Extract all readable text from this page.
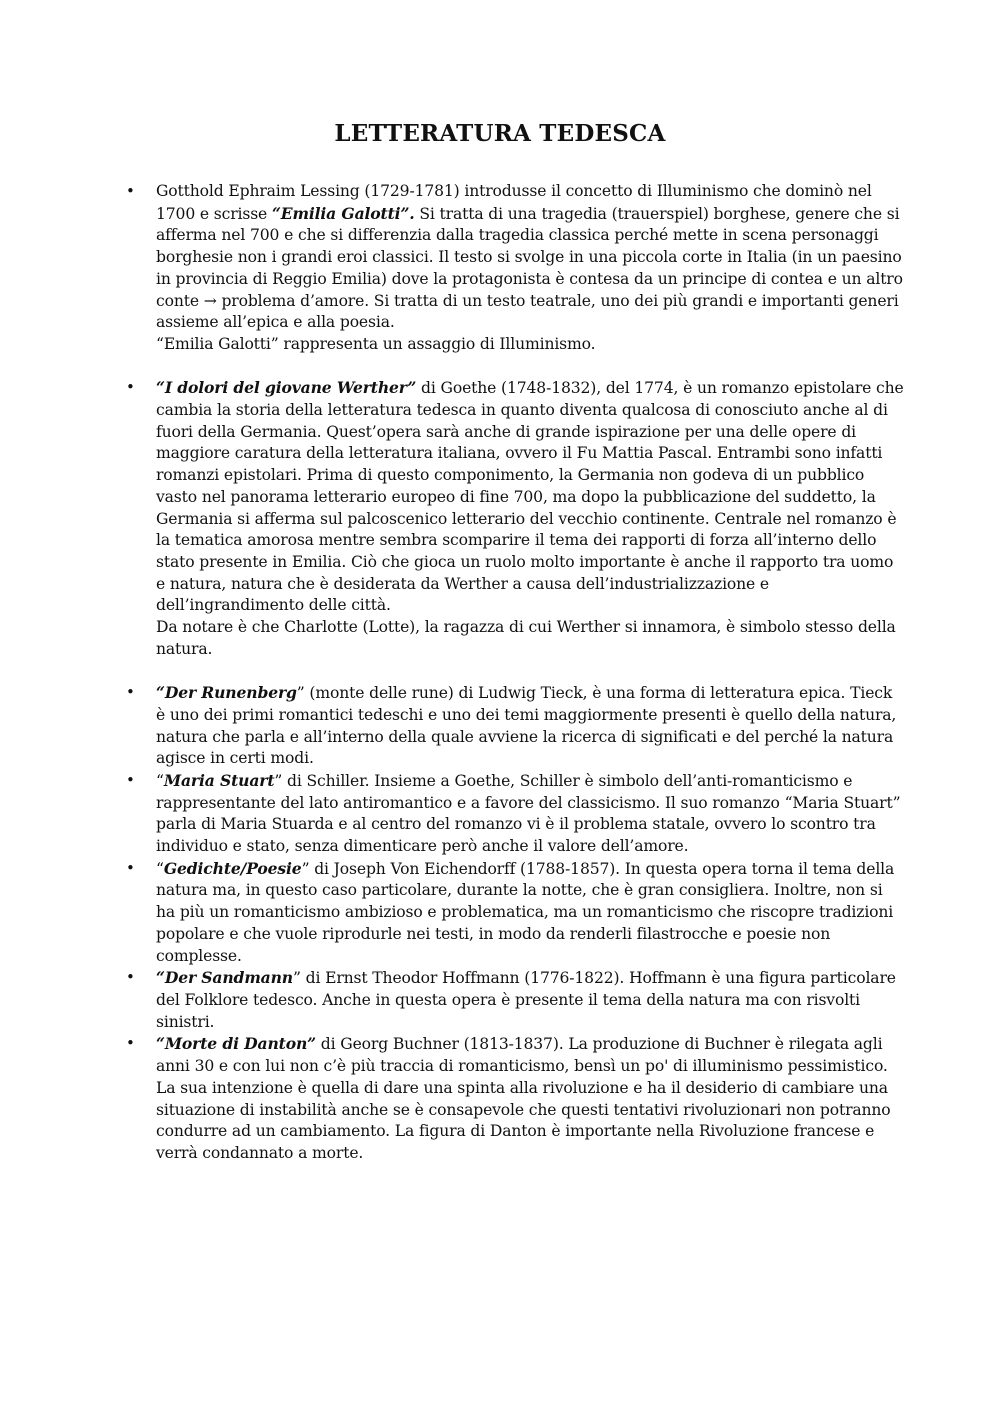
LETTERATURA TEDESCA
• Gotthold Ephraim Lessing (1729-1781) introdusse il concetto di Illuminismo che dominò nel 1700 e scrisse “Emilia Galotti”. Si tratta di una tragedia (trauerspiel) borghese, genere che si afferma nel 700 e che si differenzia dalla tragedia classica perché mette in scena personaggi borghesie non i grandi eroi classici. Il testo si svolge in una piccola corte in Italia (in un paesino in provincia di Reggio Emilia) dove la protagonista è contesa da un principe di contea e un altro conte → problema d’amore. Si tratta di un testo teatrale, uno dei più grandi e importanti generi assieme all’epica e alla poesia.

“Emilia Galotti” rappresenta un assaggio di Illuminismo.

• “I dolori del giovane Werther” di Goethe (1748-1832), del 1774, è un romanzo epistolare che cambia la storia della letteratura tedesca in quanto diventa qualcosa di conosciuto anche al di fuori della Germania. Quest’opera sarà anche di grande ispirazione per una delle opere di maggiore caratura della letteratura italiana, ovvero il Fu Mattia Pascal. Entrambi sono infatti romanzi epistolari. Prima di questo componimento, la Germania non godeva di un pubblico vasto nel panorama letterario europeo di fine 700, ma dopo la pubblicazione del suddetto, la Germania si afferma sul palcoscenico letterario del vecchio continente. Centrale nel romanzo è la tematica amorosa mentre sembra scomparire il tema dei rapporti di forza all’interno dello stato presente in Emilia. Ciò che gioca un ruolo molto importante è anche il rapporto tra uomo e natura, natura che è desiderata da Werther a causa dell’industrializzazione e dell’ingrandimento delle città.

Da notare è che Charlotte (Lotte), la ragazza di cui Werther si innamora, è simbolo stesso della natura.

• “Der Runenberg” (monte delle rune) di Ludwig Tieck, è una forma di letteratura epica. Tieck è uno dei primi romantici tedeschi e uno dei temi maggiormente presenti è quello della natura, natura che parla e all’interno della quale avviene la ricerca di significati e del perché la natura agisce in certi modi.

• “Maria Stuart” di Schiller. Insieme a Goethe, Schiller è simbolo dell’anti-romanticismo e rappresentante del lato antiromantico e a favore del classicismo. Il suo romanzo “Maria Stuart” parla di Maria Stuarda e al centro del romanzo vi è il problema statale, ovvero lo scontro tra individuo e stato, senza dimenticare però anche il valore dell’amore.

• “Gedichte/Poesie” di Joseph Von Eichendorff (1788-1857). In questa opera torna il tema della natura ma, in questo caso particolare, durante la notte, che è gran consigliera. Inoltre, non si ha più un romanticismo ambizioso e problematica, ma un romanticismo che riscopre tradizioni popolare e che vuole riprodurle nei testi, in modo da renderli filastrocche e poesie non complesse.

• “Der Sandmann” di Ernst Theodor Hoffmann (1776-1822). Hoffmann è una figura particolare del Folklore tedesco. Anche in questa opera è presente il tema della natura ma con risvolti sinistri.

• “Morte di Danton” di Georg Buchner (1813-1837). La produzione di Buchner è rilegata agli anni 30 e con lui non c’è più traccia di romanticismo, bensì un po' di illuminismo pessimistico. La sua intenzione è quella di dare una spinta alla rivoluzione e ha il desiderio di cambiare una situazione di instabilità anche se è consapevole che questi tentativi rivoluzionari non potranno condurre ad un cambiamento. La figura di Danton è importante nella Rivoluzione francese e verrà condannato a morte.
